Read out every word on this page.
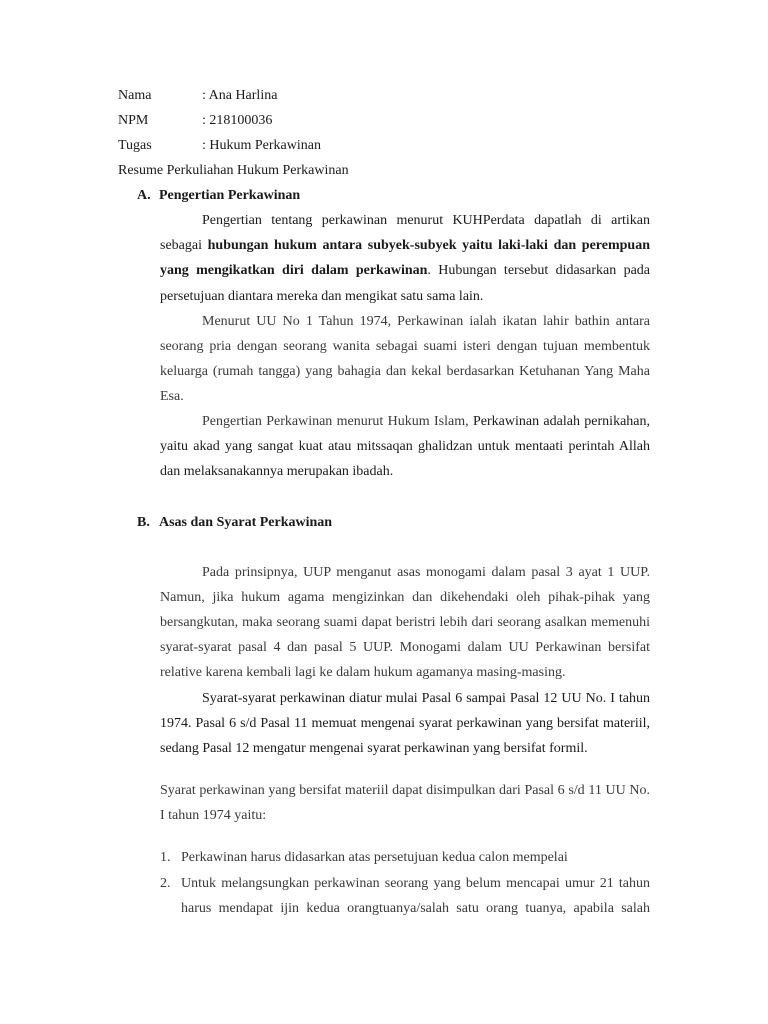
Nama	: Ana Harlina
NPM	: 218100036
Tugas	: Hukum Perkawinan
Resume Perkuliahan Hukum Perkawinan
A. Pengertian Perkawinan
Pengertian tentang perkawinan menurut KUHPerdata dapatlah di artikan
sebagai hubungan hukum antara subyek-subyek yaitu laki-laki dan perempuan
yang mengikatkan diri dalam perkawinan. Hubungan tersebut didasarkan pada
persetujuan diantara mereka dan mengikat satu sama lain.
Menurut UU No 1 Tahun 1974, Perkawinan ialah ikatan lahir bathin antara
seorang pria dengan seorang wanita sebagai suami isteri dengan tujuan membentuk
keluarga (rumah tangga) yang bahagia dan kekal berdasarkan Ketuhanan Yang Maha
Esa.
Pengertian Perkawinan menurut Hukum Islam, Perkawinan adalah pernikahan,
yaitu akad yang sangat kuat atau mitssaqan ghalidzan untuk mentaati perintah Allah
dan melaksanakannya merupakan ibadah.
B. Asas dan Syarat Perkawinan
Pada prinsipnya, UUP menganut asas monogami dalam pasal 3 ayat 1 UUP.
Namun, jika hukum agama mengizinkan dan dikehendaki oleh pihak-pihak yang
bersangkutan, maka seorang suami dapat beristri lebih dari seorang asalkan memenuhi
syarat-syarat pasal 4 dan pasal 5 UUP. Monogami dalam UU Perkawinan bersifat
relative karena kembali lagi ke dalam hukum agamanya masing-masing.
Syarat-syarat perkawinan diatur mulai Pasal 6 sampai Pasal 12 UU No. I tahun
1974. Pasal 6 s/d Pasal 11 memuat mengenai syarat perkawinan yang bersifat materiil,
sedang Pasal 12 mengatur mengenai syarat perkawinan yang bersifat formil.
Syarat perkawinan yang bersifat materiil dapat disimpulkan dari Pasal 6 s/d 11 UU No.
I tahun 1974 yaitu:
1. Perkawinan harus didasarkan atas persetujuan kedua calon mempelai
2. Untuk melangsungkan perkawinan seorang yang belum mencapai umur 21 tahun
harus mendapat ijin kedua orangtuanya/salah satu orang tuanya, apabila salah
